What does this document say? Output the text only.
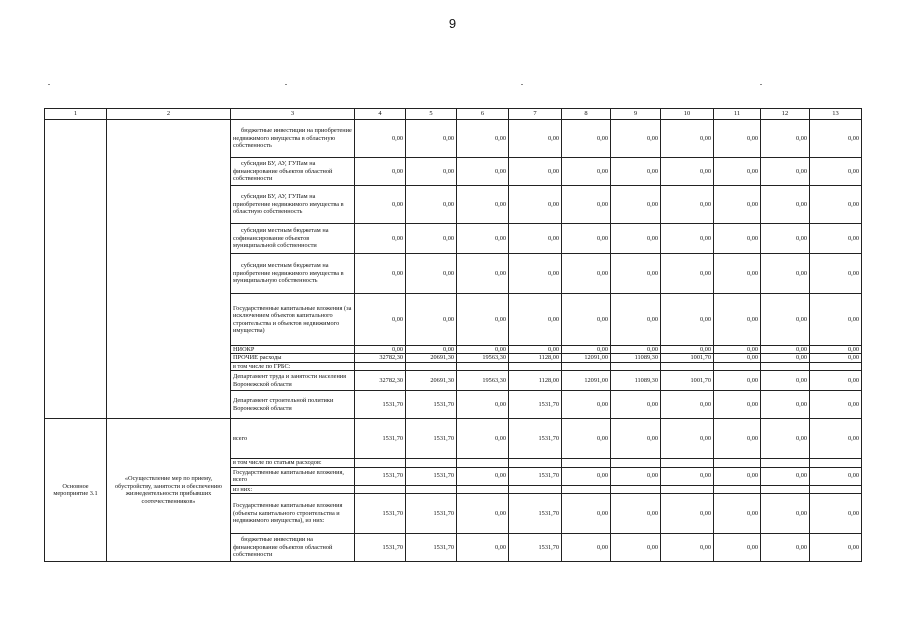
9
1	2	3	4	5	6	7	8	9	10	11	12	13
		бюджетные инвестиции на приобретение недвижимого имущества в областную собственность	0,00	0,00	0,00	0,00	0,00	0,00	0,00	0,00	0,00	0,00
		субсидии БУ, АУ, ГУПам на финансирование объектов областной собственности	0,00	0,00	0,00	0,00	0,00	0,00	0,00	0,00	0,00	0,00
		субсидии БУ, АУ, ГУПам на приобретение недвижимого имущества в областную собственность	0,00	0,00	0,00	0,00	0,00	0,00	0,00	0,00	0,00	0,00
		субсидии местным бюджетам на софинансирование объектов муниципальной собственности	0,00	0,00	0,00	0,00	0,00	0,00	0,00	0,00	0,00	0,00
		субсидии местным бюджетам на приобретение недвижимого имущества в муниципальную собственность	0,00	0,00	0,00	0,00	0,00	0,00	0,00	0,00	0,00	0,00
		Государственные капитальные вложения (за исключением объектов капитального строительства и объектов недвижимого имущества)	0,00	0,00	0,00	0,00	0,00	0,00	0,00	0,00	0,00	0,00
		НИОКР	0,00	0,00	0,00	0,00	0,00	0,00	0,00	0,00	0,00	0,00
		ПРОЧИЕ расходы	32782,30	20691,30	19563,30	1128,00	12091,00	11089,30	1001,70	0,00	0,00	0,00
		в том числе по ГРБС:										
		Департамент труда и занятости населения Воронежской области	32782,30	20691,30	19563,30	1128,00	12091,00	11089,30	1001,70	0,00	0,00	0,00
		Департамент строительной политики Воронежской области	1531,70	1531,70	0,00	1531,70	0,00	0,00	0,00	0,00	0,00	0,00
Основное мероприятие 3.1	«Осуществление мер по приему, обустройству, занятости и обеспечению жизнедеятельности прибывших соотечественников»	всего	1531,70	1531,70	0,00	1531,70	0,00	0,00	0,00	0,00	0,00	0,00
		в том числе по статьям расходов:										
		Государственные капитальные вложения, всего	1531,70	1531,70	0,00	1531,70	0,00	0,00	0,00	0,00	0,00	0,00
		из них:										
		Государственные капитальные вложения (объекты капитального строительства и недвижимого имущества), из них:	1531,70	1531,70	0,00	1531,70	0,00	0,00	0,00	0,00	0,00	0,00
		бюджетные инвестиции на финансирование объектов областной собственности	1531,70	1531,70	0,00	1531,70	0,00	0,00	0,00	0,00	0,00	0,00
